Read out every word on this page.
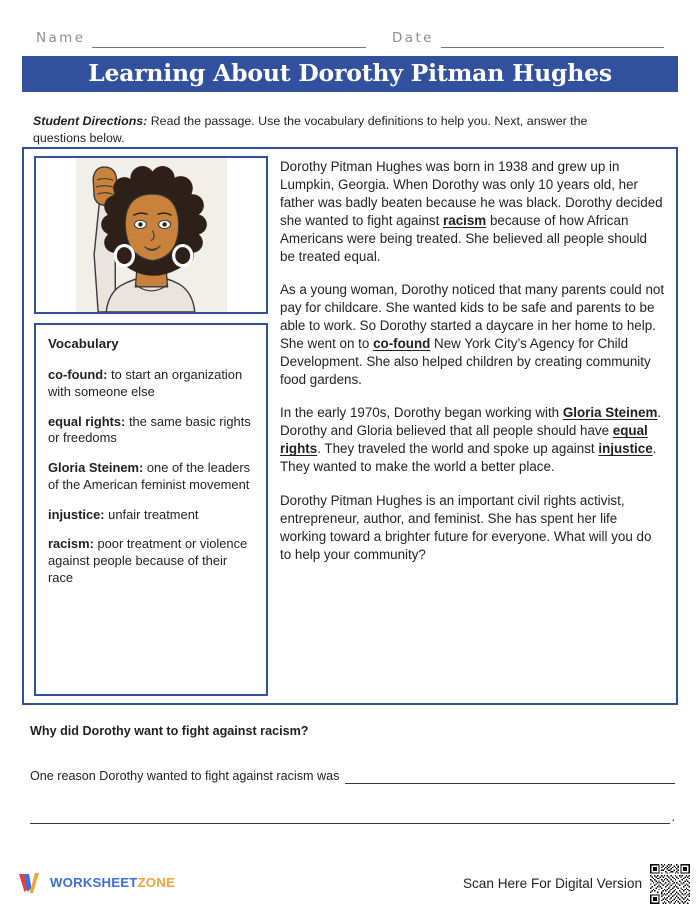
Name	Date
Learning About Dorothy Pitman Hughes

Student Directions: Read the passage. Use the vocabulary definitions to help you. Next, answer the questions below.

Vocabulary
co-found: to start an organization with someone else
equal rights: the same basic rights or freedoms
Gloria Steinem: one of the leaders of the American feminist movement
injustice: unfair treatment
racism: poor treatment or violence against people because of their race

Dorothy Pitman Hughes was born in 1938 and grew up in Lumpkin, Georgia. When Dorothy was only 10 years old, her father was badly beaten because he was black. Dorothy decided she wanted to fight against racism because of how African Americans were being treated. She believed all people should be treated equal.

As a young woman, Dorothy noticed that many parents could not pay for childcare. She wanted kids to be safe and parents to be able to work. So Dorothy started a daycare in her home to help. She went on to co-found New York City’s Agency for Child Development. She also helped children by creating community food gardens.

In the early 1970s, Dorothy began working with Gloria Steinem. Dorothy and Gloria believed that all people should have equal rights. They traveled the world and spoke up against injustice. They wanted to make the world a better place.

Dorothy Pitman Hughes is an important civil rights activist, entrepreneur, author, and feminist. She has spent her life working toward a brighter future for everyone. What will you do to help your community?

Why did Dorothy want to fight against racism?

One reason Dorothy wanted to fight against racism was
.
WORKSHEETZONE	Scan Here For Digital Version
